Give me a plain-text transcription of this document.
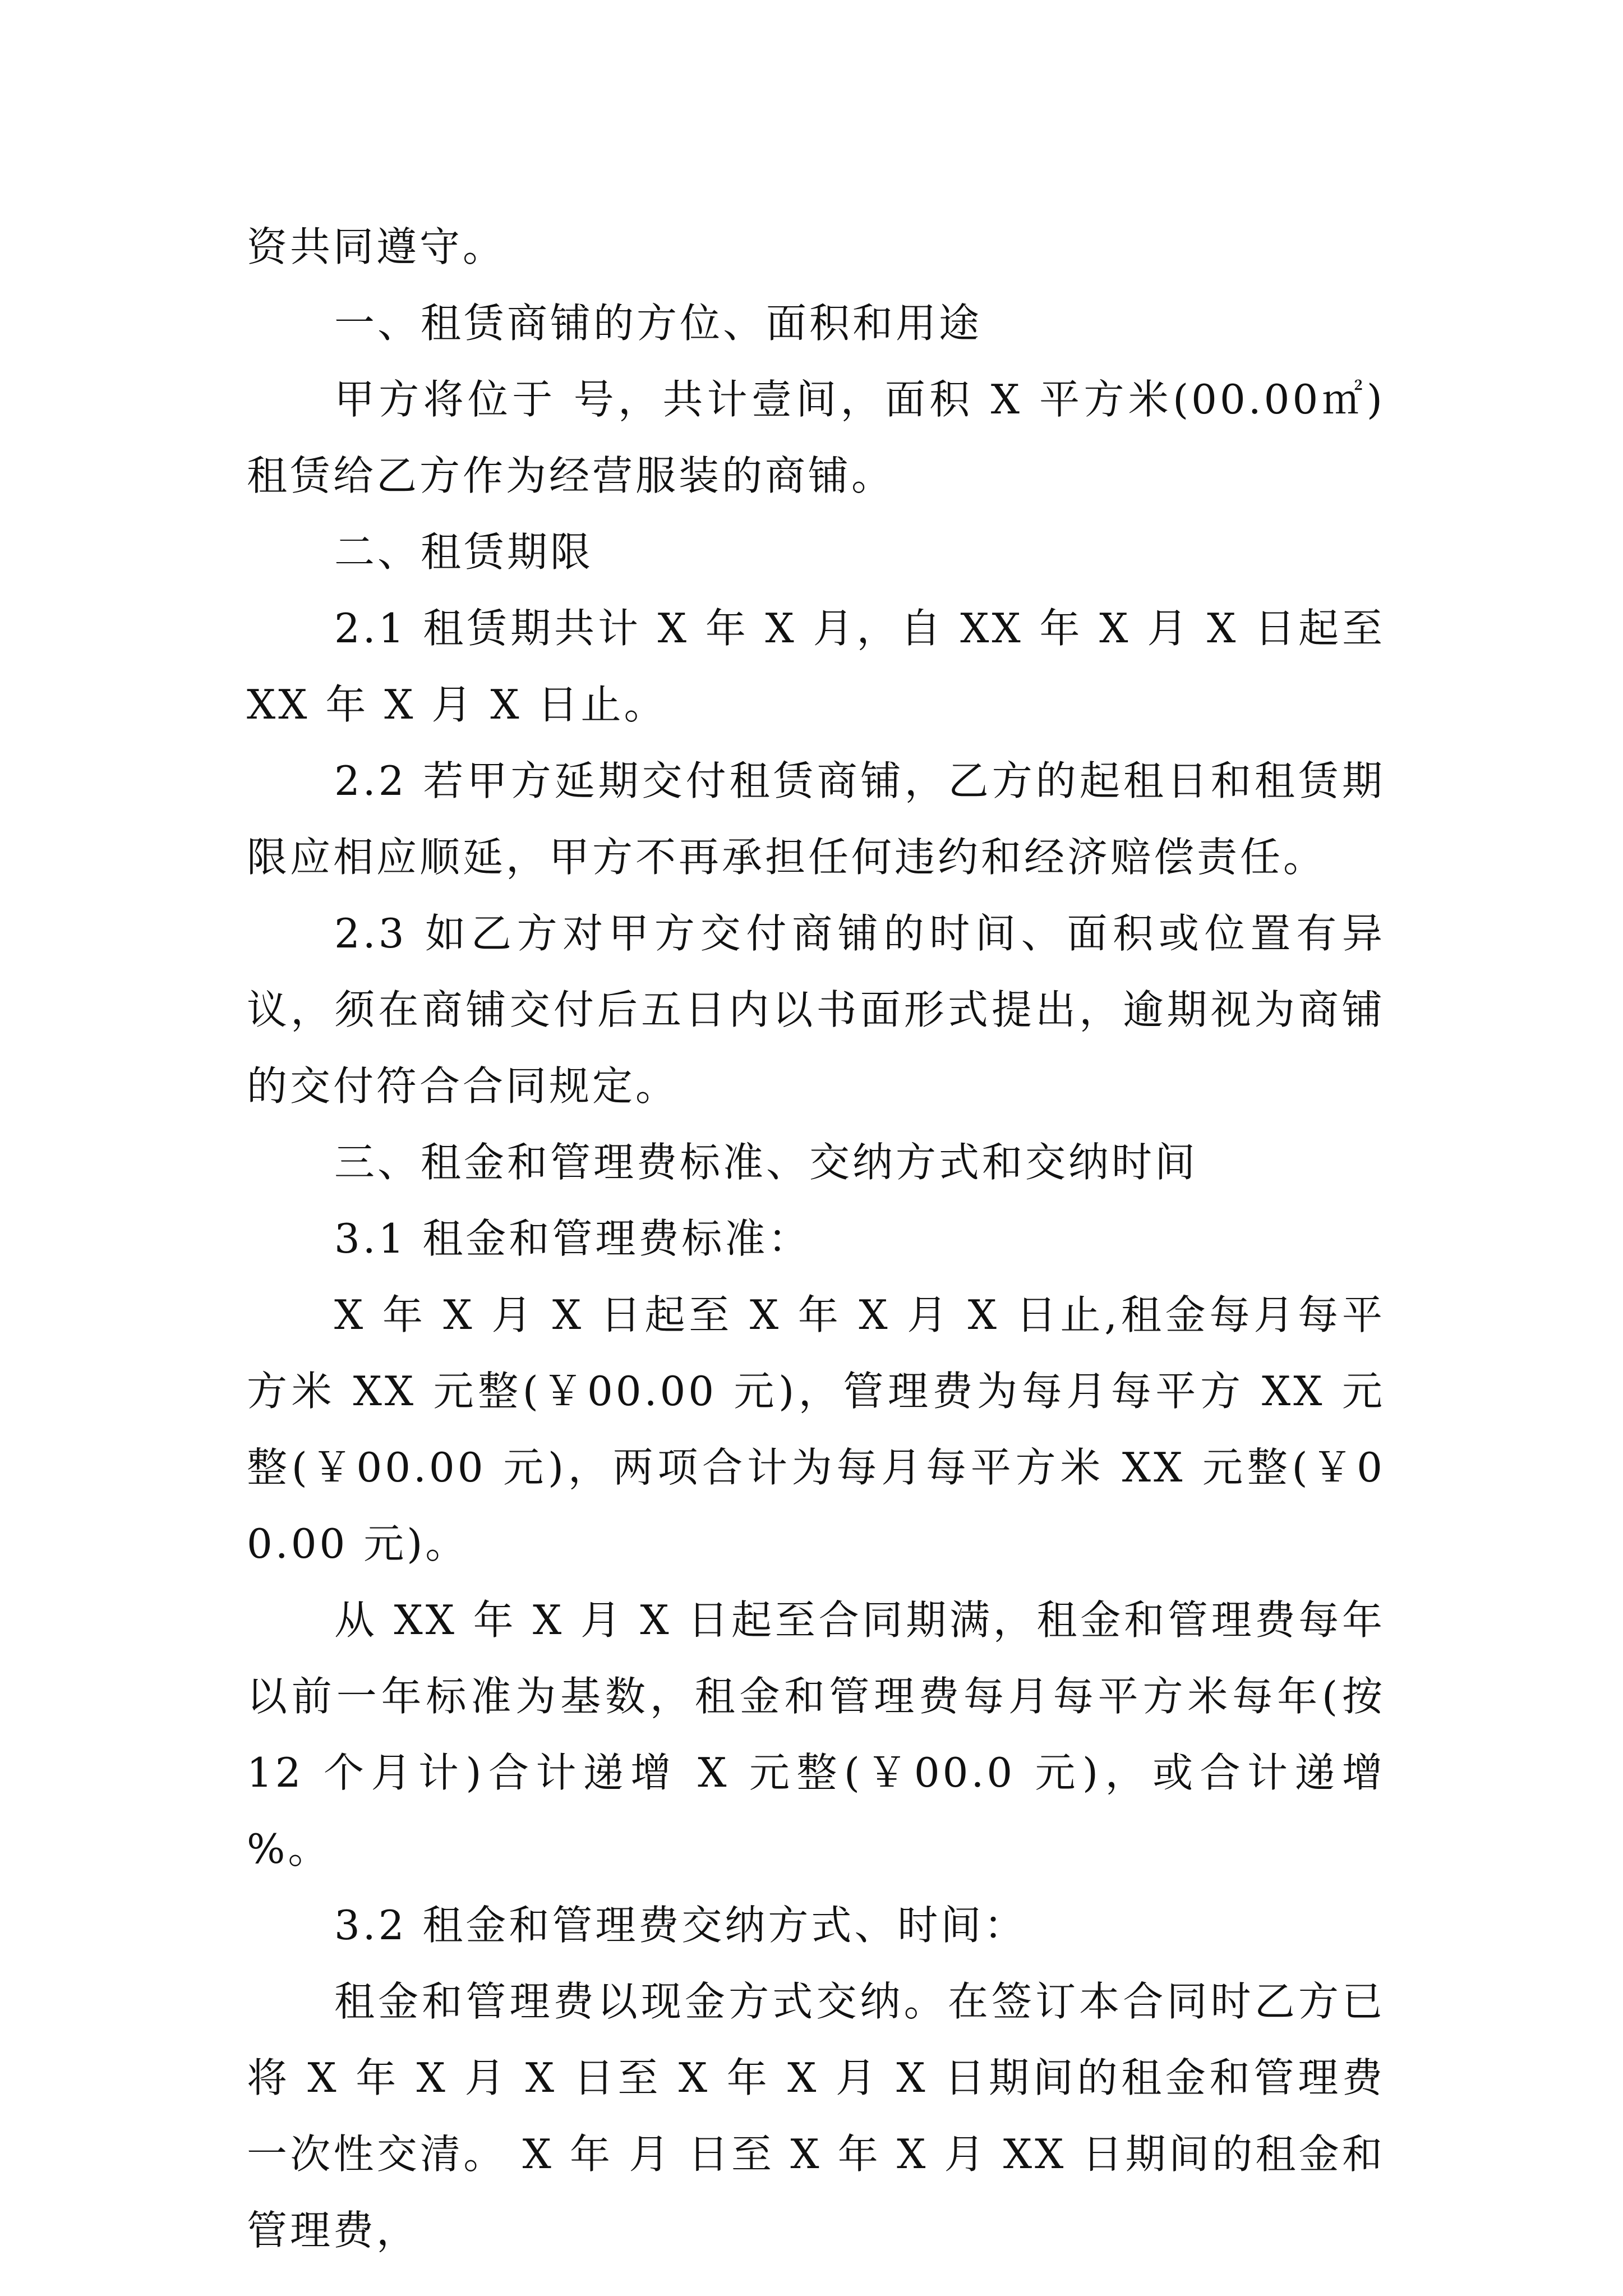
资共同遵守。

一、租赁商铺的方位、面积和用途

甲方将位于 号，共计壹间，面积 X 平方米(00.00㎡)租赁给乙方作为经营服装的商铺。

二、租赁期限

2.1 租赁期共计 X 年 X 月，自 XX 年 X 月 X 日起至 XX 年 X 月 X 日止。

2.2 若甲方延期交付租赁商铺，乙方的起租日和租赁期限应相应顺延，甲方不再承担任何违约和经济赔偿责任。

2.3 如乙方对甲方交付商铺的时间、面积或位置有异议，须在商铺交付后五日内以书面形式提出，逾期视为商铺的交付符合合同规定。

三、租金和管理费标准、交纳方式和交纳时间

3.1 租金和管理费标准：

X 年 X 月 X 日起至 X 年 X 月 X 日止,租金每月每平方米 XX 元整(￥00.00 元)，管理费为每月每平方 XX 元整(￥00.00 元)，两项合计为每月每平方米 XX 元整(￥00.00 元)。

从 XX 年 X 月 X 日起至合同期满，租金和管理费每年以前一年标准为基数，租金和管理费每月每平方米每年(按 12 个月计)合计递增 X 元整(￥00.0 元)，或合计递增 %。

3.2 租金和管理费交纳方式、时间：

租金和管理费以现金方式交纳。在签订本合同时乙方已将 X 年 X 月 X 日至 X 年 X 月 X 日期间的租金和管理费一次性交清。 X 年 月 日至 X 年 X 月 XX 日期间的租金和管理费，
